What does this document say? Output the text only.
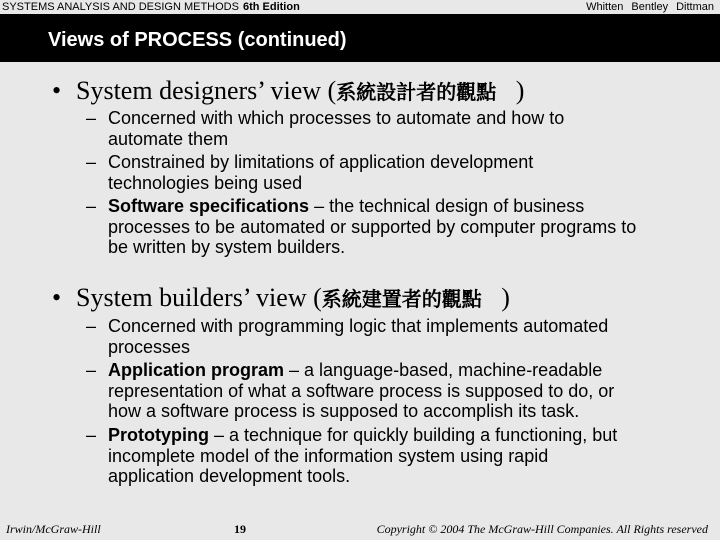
SYSTEMS ANALYSIS AND DESIGN METHODS 6th Edition	Whitten Bentley Dittman
Views of PROCESS (continued)
• System designers’ view (系統設計者的觀點 )
– Concerned with which processes to automate and how to
automate them
– Constrained by limitations of application development
technologies being used
– Software specifications – the technical design of business
processes to be automated or supported by computer programs to
be written by system builders.
• System builders’ view (系統建置者的觀點 )
– Concerned with programming logic that implements automated
processes
– Application program – a language-based, machine-readable
representation of what a software process is supposed to do, or
how a software process is supposed to accomplish its task.
– Prototyping – a technique for quickly building a functioning, but
incomplete model of the information system using rapid
application development tools.
Irwin/McGraw-Hill	19	Copyright © 2004 The McGraw-Hill Companies. All Rights reserved
